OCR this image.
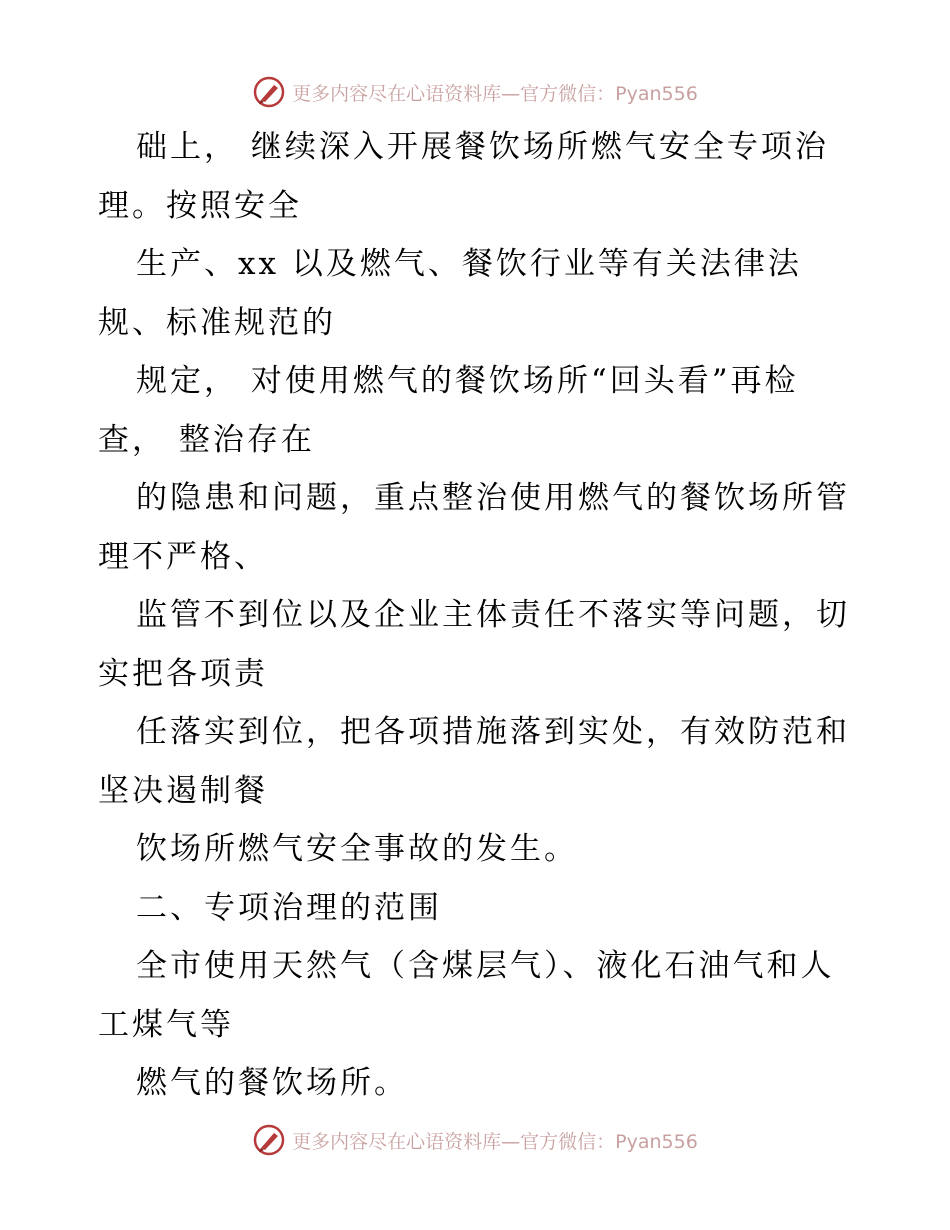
更多内容尽在心语资料库—官方微信：Pyan556
础上， 继续深入开展餐饮场所燃气安全专项治
理。按照安全
生产、xx 以及燃气、餐饮行业等有关法律法
规、标准规范的
规定， 对使用燃气的餐饮场所“回头看”再检
查， 整治存在
的隐患和问题，重点整治使用燃气的餐饮场所管
理不严格、
监管不到位以及企业主体责任不落实等问题，切
实把各项责
任落实到位，把各项措施落到实处，有效防范和
坚决遏制餐
饮场所燃气安全事故的发生。
二、专项治理的范围
全市使用天然气（含煤层气）、液化石油气和人
工煤气等
燃气的餐饮场所。
更多内容尽在心语资料库—官方微信：Pyan556
